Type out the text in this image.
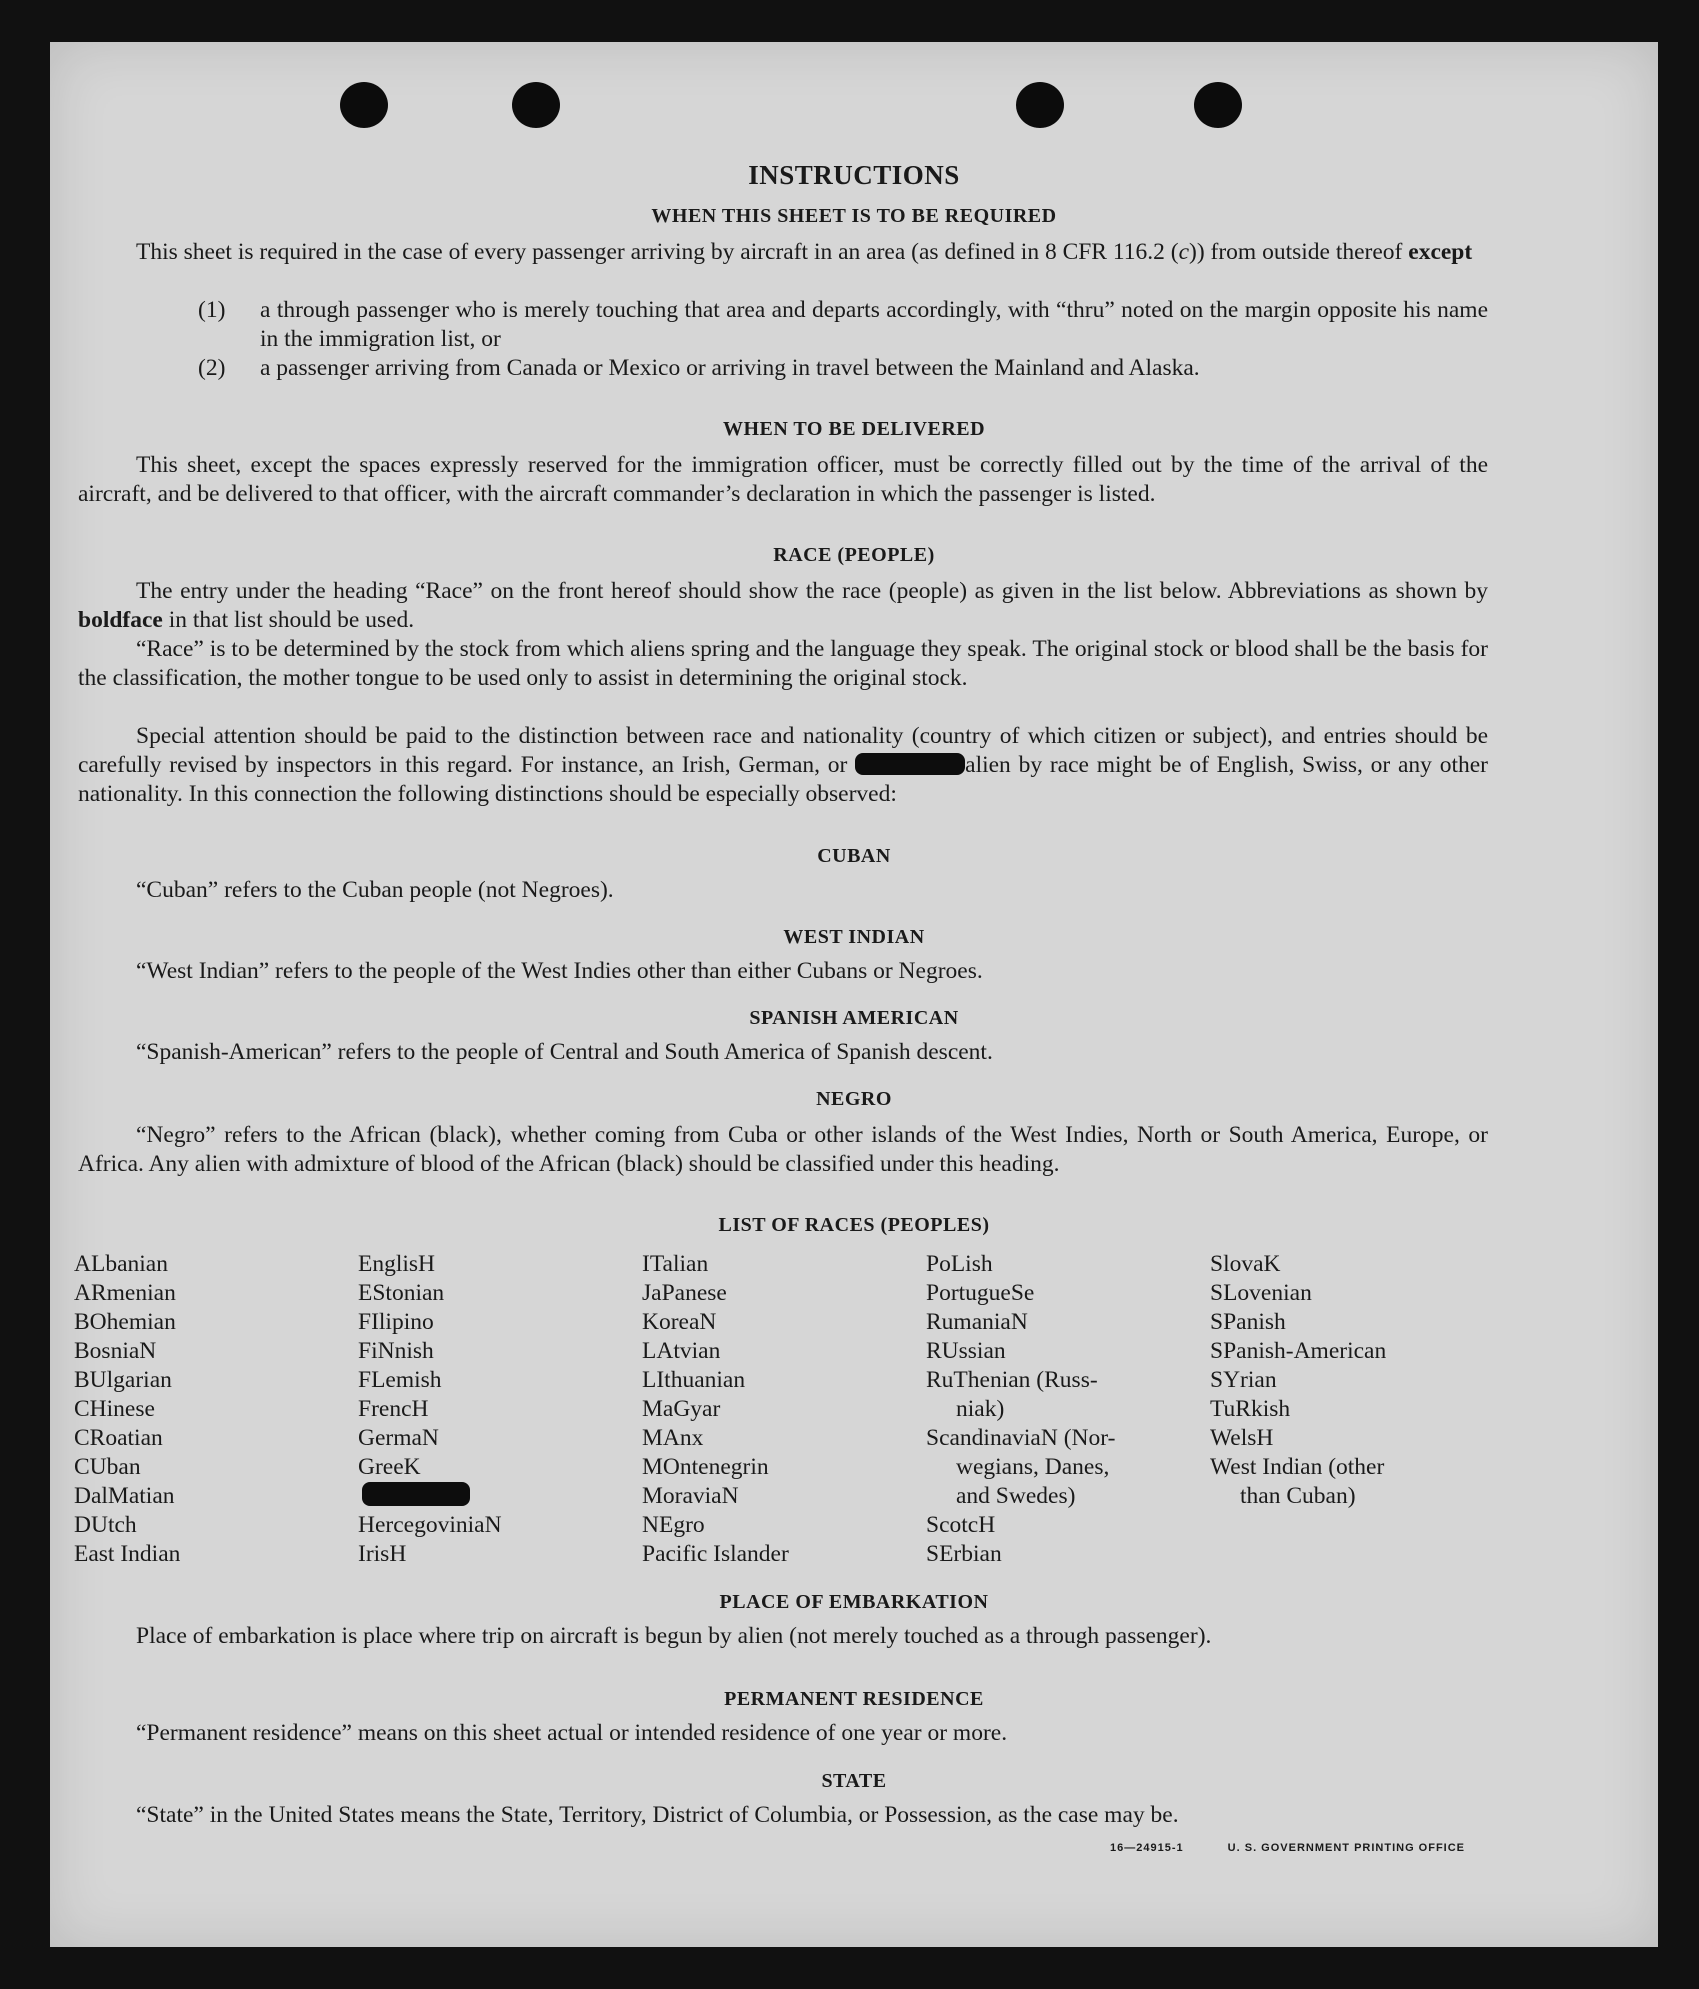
INSTRUCTIONS
WHEN THIS SHEET IS TO BE REQUIRED
This sheet is required in the case of every passenger arriving by aircraft in an area (as defined in 8 CFR 116.2 (c)) from outside thereof except
(1) a through passenger who is merely touching that area and departs accordingly, with “thru” noted on the margin opposite his name in the immigration list, or
(2) a passenger arriving from Canada or Mexico or arriving in travel between the Mainland and Alaska.
WHEN TO BE DELIVERED
This sheet, except the spaces expressly reserved for the immigration officer, must be correctly filled out by the time of the arrival of the aircraft, and be delivered to that officer, with the aircraft commander’s declaration in which the passenger is listed.
RACE (PEOPLE)
The entry under the heading “Race” on the front hereof should show the race (people) as given in the list below. Abbreviations as shown by boldface in that list should be used.
“Race” is to be determined by the stock from which aliens spring and the language they speak. The original stock or blood shall be the basis for the classification, the mother tongue to be used only to assist in determining the original stock.
Special attention should be paid to the distinction between race and nationality (country of which citizen or subject), and entries should be carefully revised by inspectors in this regard. For instance, an Irish, German, or	alien by race might be of English, Swiss, or any other nationality. In this connection the following distinctions should be especially observed:
CUBAN
“Cuban” refers to the Cuban people (not Negroes).
WEST INDIAN
“West Indian” refers to the people of the West Indies other than either Cubans or Negroes.
SPANISH AMERICAN
“Spanish-American” refers to the people of Central and South America of Spanish descent.
NEGRO
“Negro” refers to the African (black), whether coming from Cuba or other islands of the West Indies, North or South America, Europe, or Africa. Any alien with admixture of blood of the African (black) should be classified under this heading.
LIST OF RACES (PEOPLES)
ALbanian
ARmenian
BOhemian
BosniaN
BUlgarian
CHinese
CRoatian
CUban
DalMatian
DUtch
East Indian
EnglisH
EStonian
FIlipino
FiNnish
FLemish
FrencH
GermaN
GreeK
HercegoviniaN
IrisH
ITalian
JaPanese
KoreaN
LAtvian
LIthuanian
MaGyar
MAnx
MOntenegrin
MoraviaN
NEgro
Pacific Islander
PoLish
PortugueSe
RumaniaN
RUssian
RuThenian (Russ-
niak)
ScandinaviaN (Nor-
wegians, Danes,
and Swedes)
ScotcH
SErbian
SlovaK
SLovenian
SPanish
SPanish-American
SYrian
TuRkish
WelsH
West Indian (other
than Cuban)
PLACE OF EMBARKATION
Place of embarkation is place where trip on aircraft is begun by alien (not merely touched as a through passenger).
PERMANENT RESIDENCE
“Permanent residence” means on this sheet actual or intended residence of one year or more.
STATE
“State” in the United States means the State, Territory, District of Columbia, or Possession, as the case may be.
16—24915-1	U. S. GOVERNMENT PRINTING OFFICE
